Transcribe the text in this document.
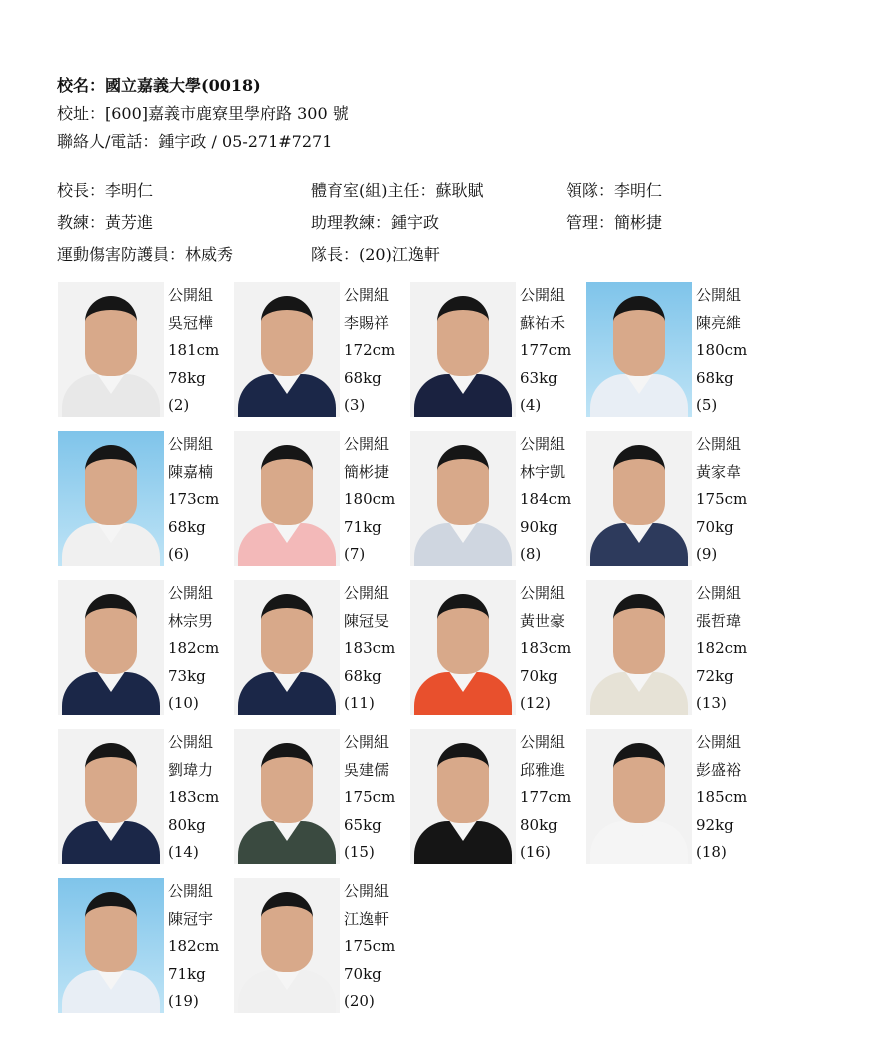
校名：國立嘉義大學(0018)
校址：[600]嘉義市鹿寮里學府路 300 號
聯絡人/電話：鍾宇政 / 05-271#7271
校長：李明仁	體育室(組)主任：蘇耿賦	領隊：李明仁
教練：黃芳進	助理教練：鍾宇政	管理：簡彬捷
運動傷害防護員：林威秀	隊長：(20)江逸軒
公開組
吳冠樺
181cm
78kg
(2)
公開組
李賜祥
172cm
68kg
(3)
公開組
蘇祐禾
177cm
63kg
(4)
公開組
陳亮維
180cm
68kg
(5)
公開組
陳嘉楠
173cm
68kg
(6)
公開組
簡彬捷
180cm
71kg
(7)
公開組
林宇凱
184cm
90kg
(8)
公開組
黃家韋
175cm
70kg
(9)
公開組
林宗男
182cm
73kg
(10)
公開組
陳冠旻
183cm
68kg
(11)
公開組
黃世豪
183cm
70kg
(12)
公開組
張哲瑋
182cm
72kg
(13)
公開組
劉瑋力
183cm
80kg
(14)
公開組
吳建儒
175cm
65kg
(15)
公開組
邱雅進
177cm
80kg
(16)
公開組
彭盛裕
185cm
92kg
(18)
公開組
陳冠宇
182cm
71kg
(19)
公開組
江逸軒
175cm
70kg
(20)
